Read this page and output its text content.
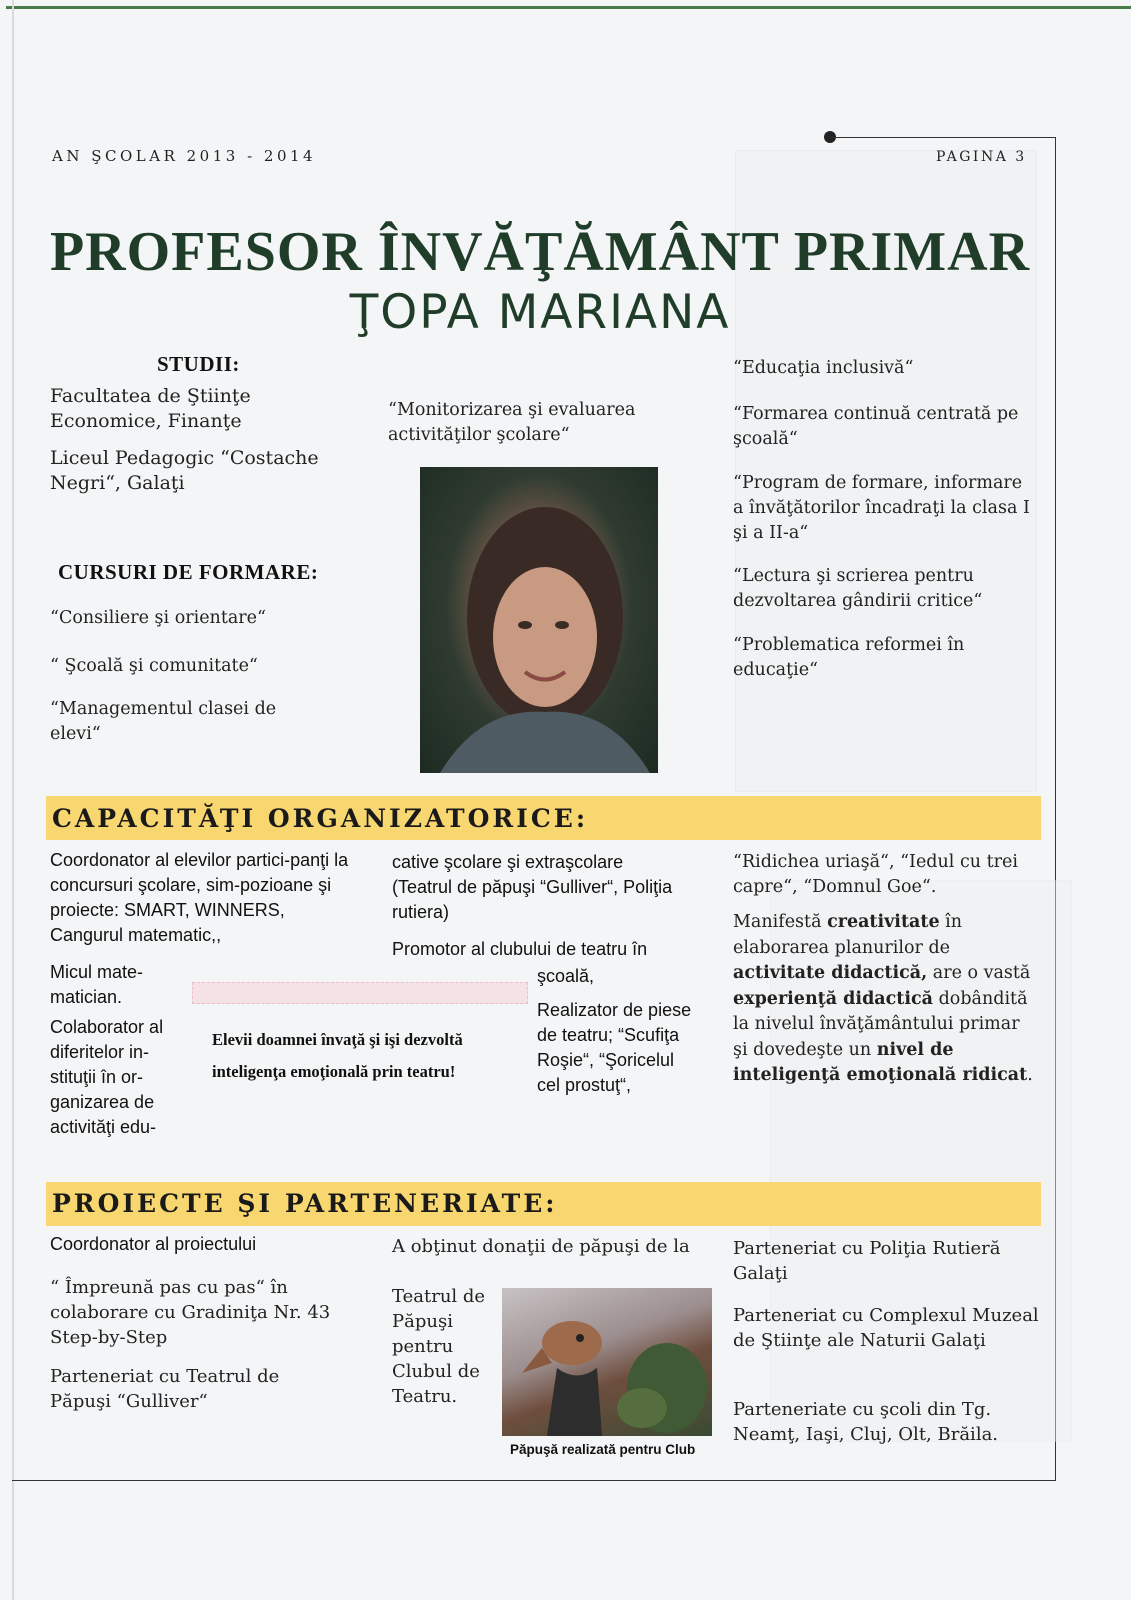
AN ŞCOLAR 2013 - 2014	PAGINA 3
PROFESOR ÎNVĂŢĂMÂNT PRIMAR
ŢOPA MARIANA
STUDII:
Facultatea de Ştiinţe Economice, Finanţe
Liceul Pedagogic “Costache Negri“, Galaţi
CURSURI DE FORMARE:
“Consiliere şi orientare“
“ Şcoală şi comunitate“
“Managementul clasei de elevi“
“Monitorizarea şi evaluarea activităţilor şcolare“
“Educaţia inclusivă“
“Formarea continuă centrată pe şcoală“
“Program de formare, informare a învăţătorilor încadraţi la clasa I şi a II-a“
“Lectura şi scrierea pentru dezvoltarea gândirii critice“
“Problematica reformei în educaţie“
CAPACITĂŢI ORGANIZATORICE:
Coordonator al elevilor partici-panţi la concursuri şcolare, sim-pozioane şi proiecte: SMART, WINNERS, Cangurul matematic,,
Micul mate-matician.
Colaborator al diferitelor in-stituţii în or-ganizarea de activităţi edu-
cative şcolare şi extraşcolare (Teatrul de păpuşi “Gulliver“, Poliţia rutiera)
Promotor al clubului de teatru în
şcoală,
Realizator de piese de teatru; “Scufiţa Roşie“, “Şoricelul cel prostuţ“,
Elevii doamnei învaţă şi işi dezvoltă inteligenţa emoţională prin teatru!
“Ridichea uriaşă“, “Iedul cu trei capre“, “Domnul Goe“.
Manifestă creativitate în elaborarea planurilor de activitate didactică, are o vastă experienţă didactică dobândită la nivelul învăţământului primar şi dovedeşte un nivel de inteligenţă emoţională ridicat.
PROIECTE ŞI PARTENERIATE:
Coordonator al proiectului
“ Împreună pas cu pas“ în colaborare cu Gradiniţa Nr. 43 Step-by-Step
Parteneriat cu Teatrul de Păpuşi “Gulliver“
A obţinut donaţii de păpuşi de la
Teatrul de Păpuşi pentru Clubul de Teatru.
Păpuşă realizată pentru Club
Parteneriat cu Poliţia Rutieră Galaţi
Parteneriat cu Complexul Muzeal de Ştiinţe ale Naturii Galaţi
Parteneriate cu şcoli din Tg. Neamţ, Iaşi, Cluj, Olt, Brăila.
